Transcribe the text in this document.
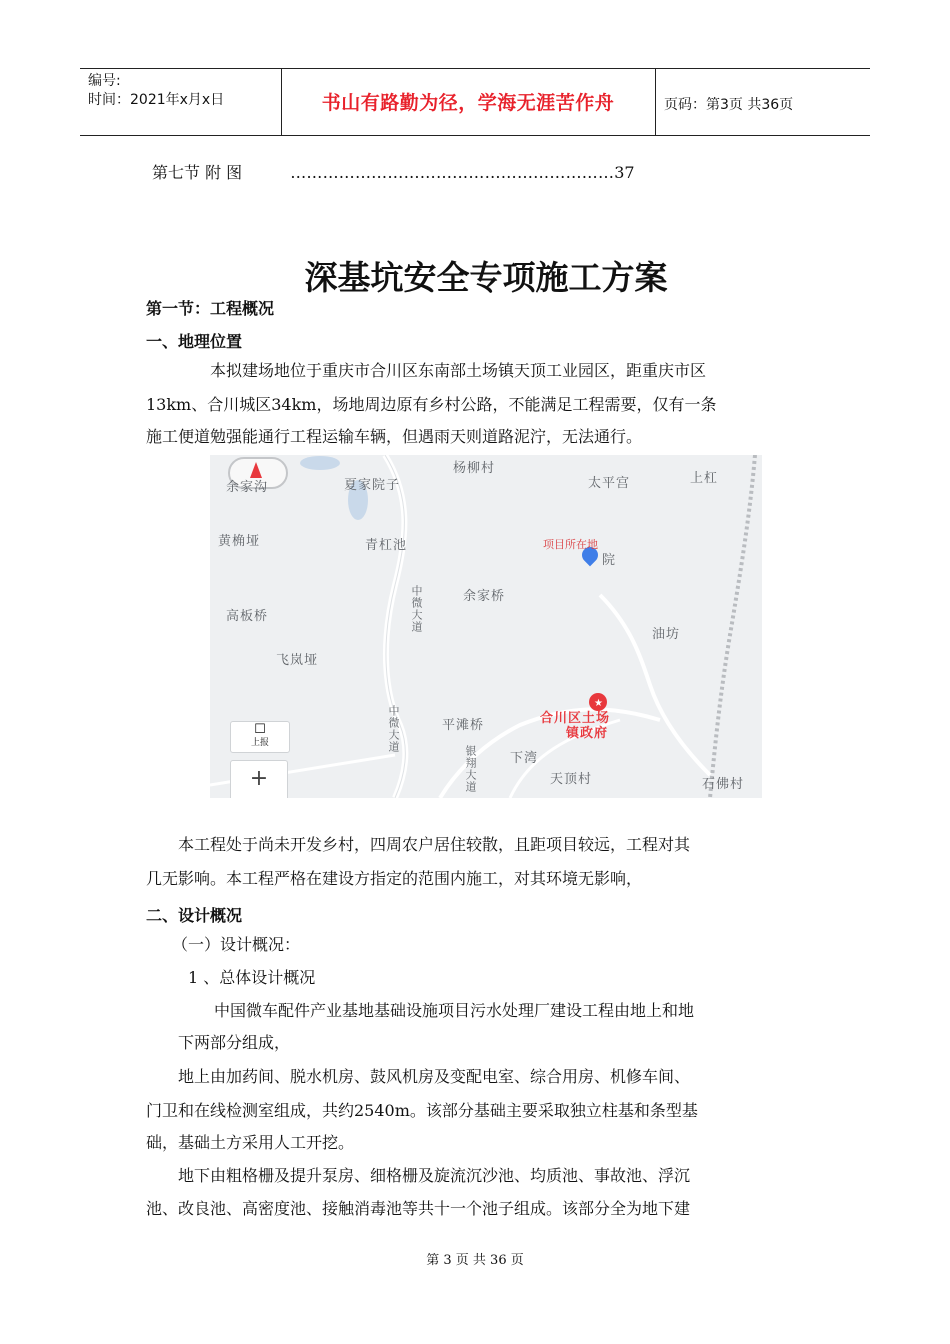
编号:
时间：2021年x月x日	书山有路勤为径，学海无涯苦作舟	页码：第3页 共36页
第七节 附 图	……………………………………………………37
深基坑安全专项施工方案
第一节：工程概况
一、地理位置
本拟建场地位于重庆市合川区东南部土场镇天顶工业园区，距重庆市区
13km、合川城区34km，场地周边原有乡村公路，不能满足工程需要，仅有一条
施工便道勉强能通行工程运输车辆，但遇雨天则道路泥泞，无法通行。
★
余家沟	夏家院子
杨柳村
太平宫	上杠
黄桷垭	青杠池	项目所在地
院
余家桥
高板桥
油坊
飞岚垭
中微大道
中微大道	平滩桥	合川区土场
镇政府
下湾
银翔大道	天顶村	石佛村
☐
上报
+
本工程处于尚未开发乡村，四周农户居住较散，且距项目较远，工程对其
几无影响。本工程严格在建设方指定的范围内施工，对其环境无影响，
二、设计概况
（一）设计概况：
1 、总体设计概况
中国微车配件产业基地基础设施项目污水处理厂建设工程由地上和地
下两部分组成，
地上由加药间、脱水机房、鼓风机房及变配电室、综合用房、机修车间、
门卫和在线检测室组成，共约2540m。该部分基础主要采取独立柱基和条型基
础，基础土方采用人工开挖。
地下由粗格栅及提升泵房、细格栅及旋流沉沙池、均质池、事故池、浮沉
池、改良池、高密度池、接触消毒池等共十一个池子组成。该部分全为地下建
第 3 页 共 36 页
